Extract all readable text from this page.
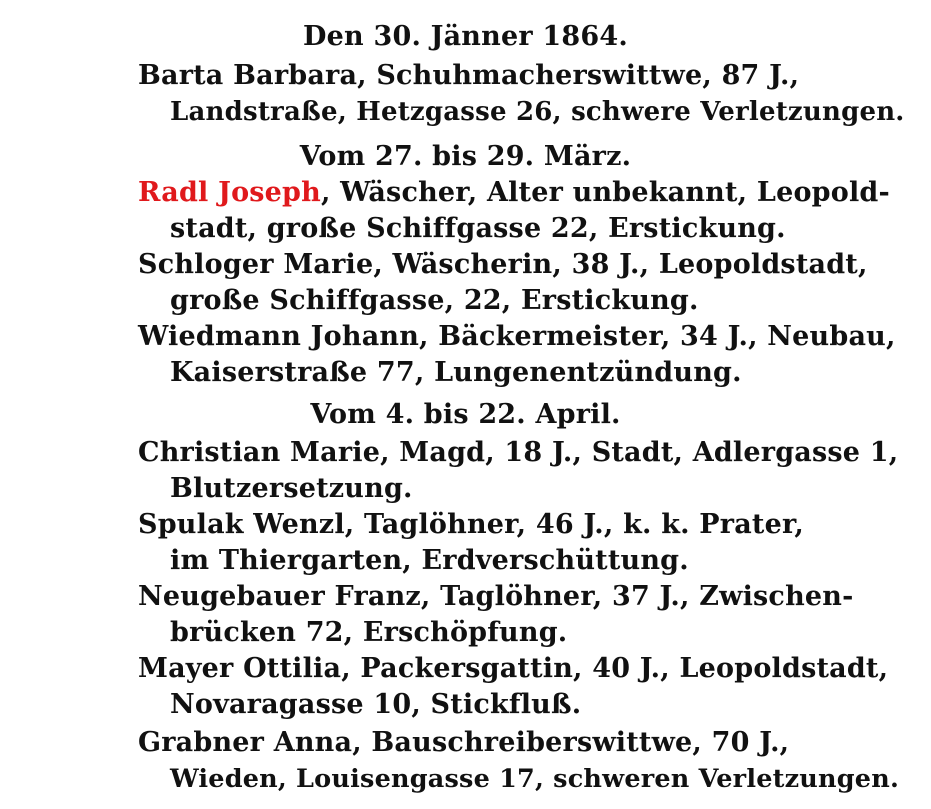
Den 30. Jänner 1864.
Barta Barbara, Schuhmacherswittwe, 87 J.,
Landstraße, Hetzgasse 26, schwere Verletzungen.
Vom 27. bis 29. März.
Radl Joseph, Wäscher, Alter unbekannt, Leopold-
stadt, große Schiffgasse 22, Erstickung.
Schloger Marie, Wäscherin, 38 J., Leopoldstadt,
große Schiffgasse, 22, Erstickung.
Wiedmann Johann, Bäckermeister, 34 J., Neubau,
Kaiserstraße 77, Lungenentzündung.
Vom 4. bis 22. April.
Christian Marie, Magd, 18 J., Stadt, Adlergasse 1,
Blutzersetzung.
Spulak Wenzl, Taglöhner, 46 J., k. k. Prater,
im Thiergarten, Erdverschüttung.
Neugebauer Franz, Taglöhner, 37 J., Zwischen-
brücken 72, Erschöpfung.
Mayer Ottilia, Packersgattin, 40 J., Leopoldstadt,
Novaragasse 10, Stickfluß.
Grabner Anna, Bauschreiberswittwe, 70 J.,
Wieden, Louisengasse 17, schweren Verletzungen.
